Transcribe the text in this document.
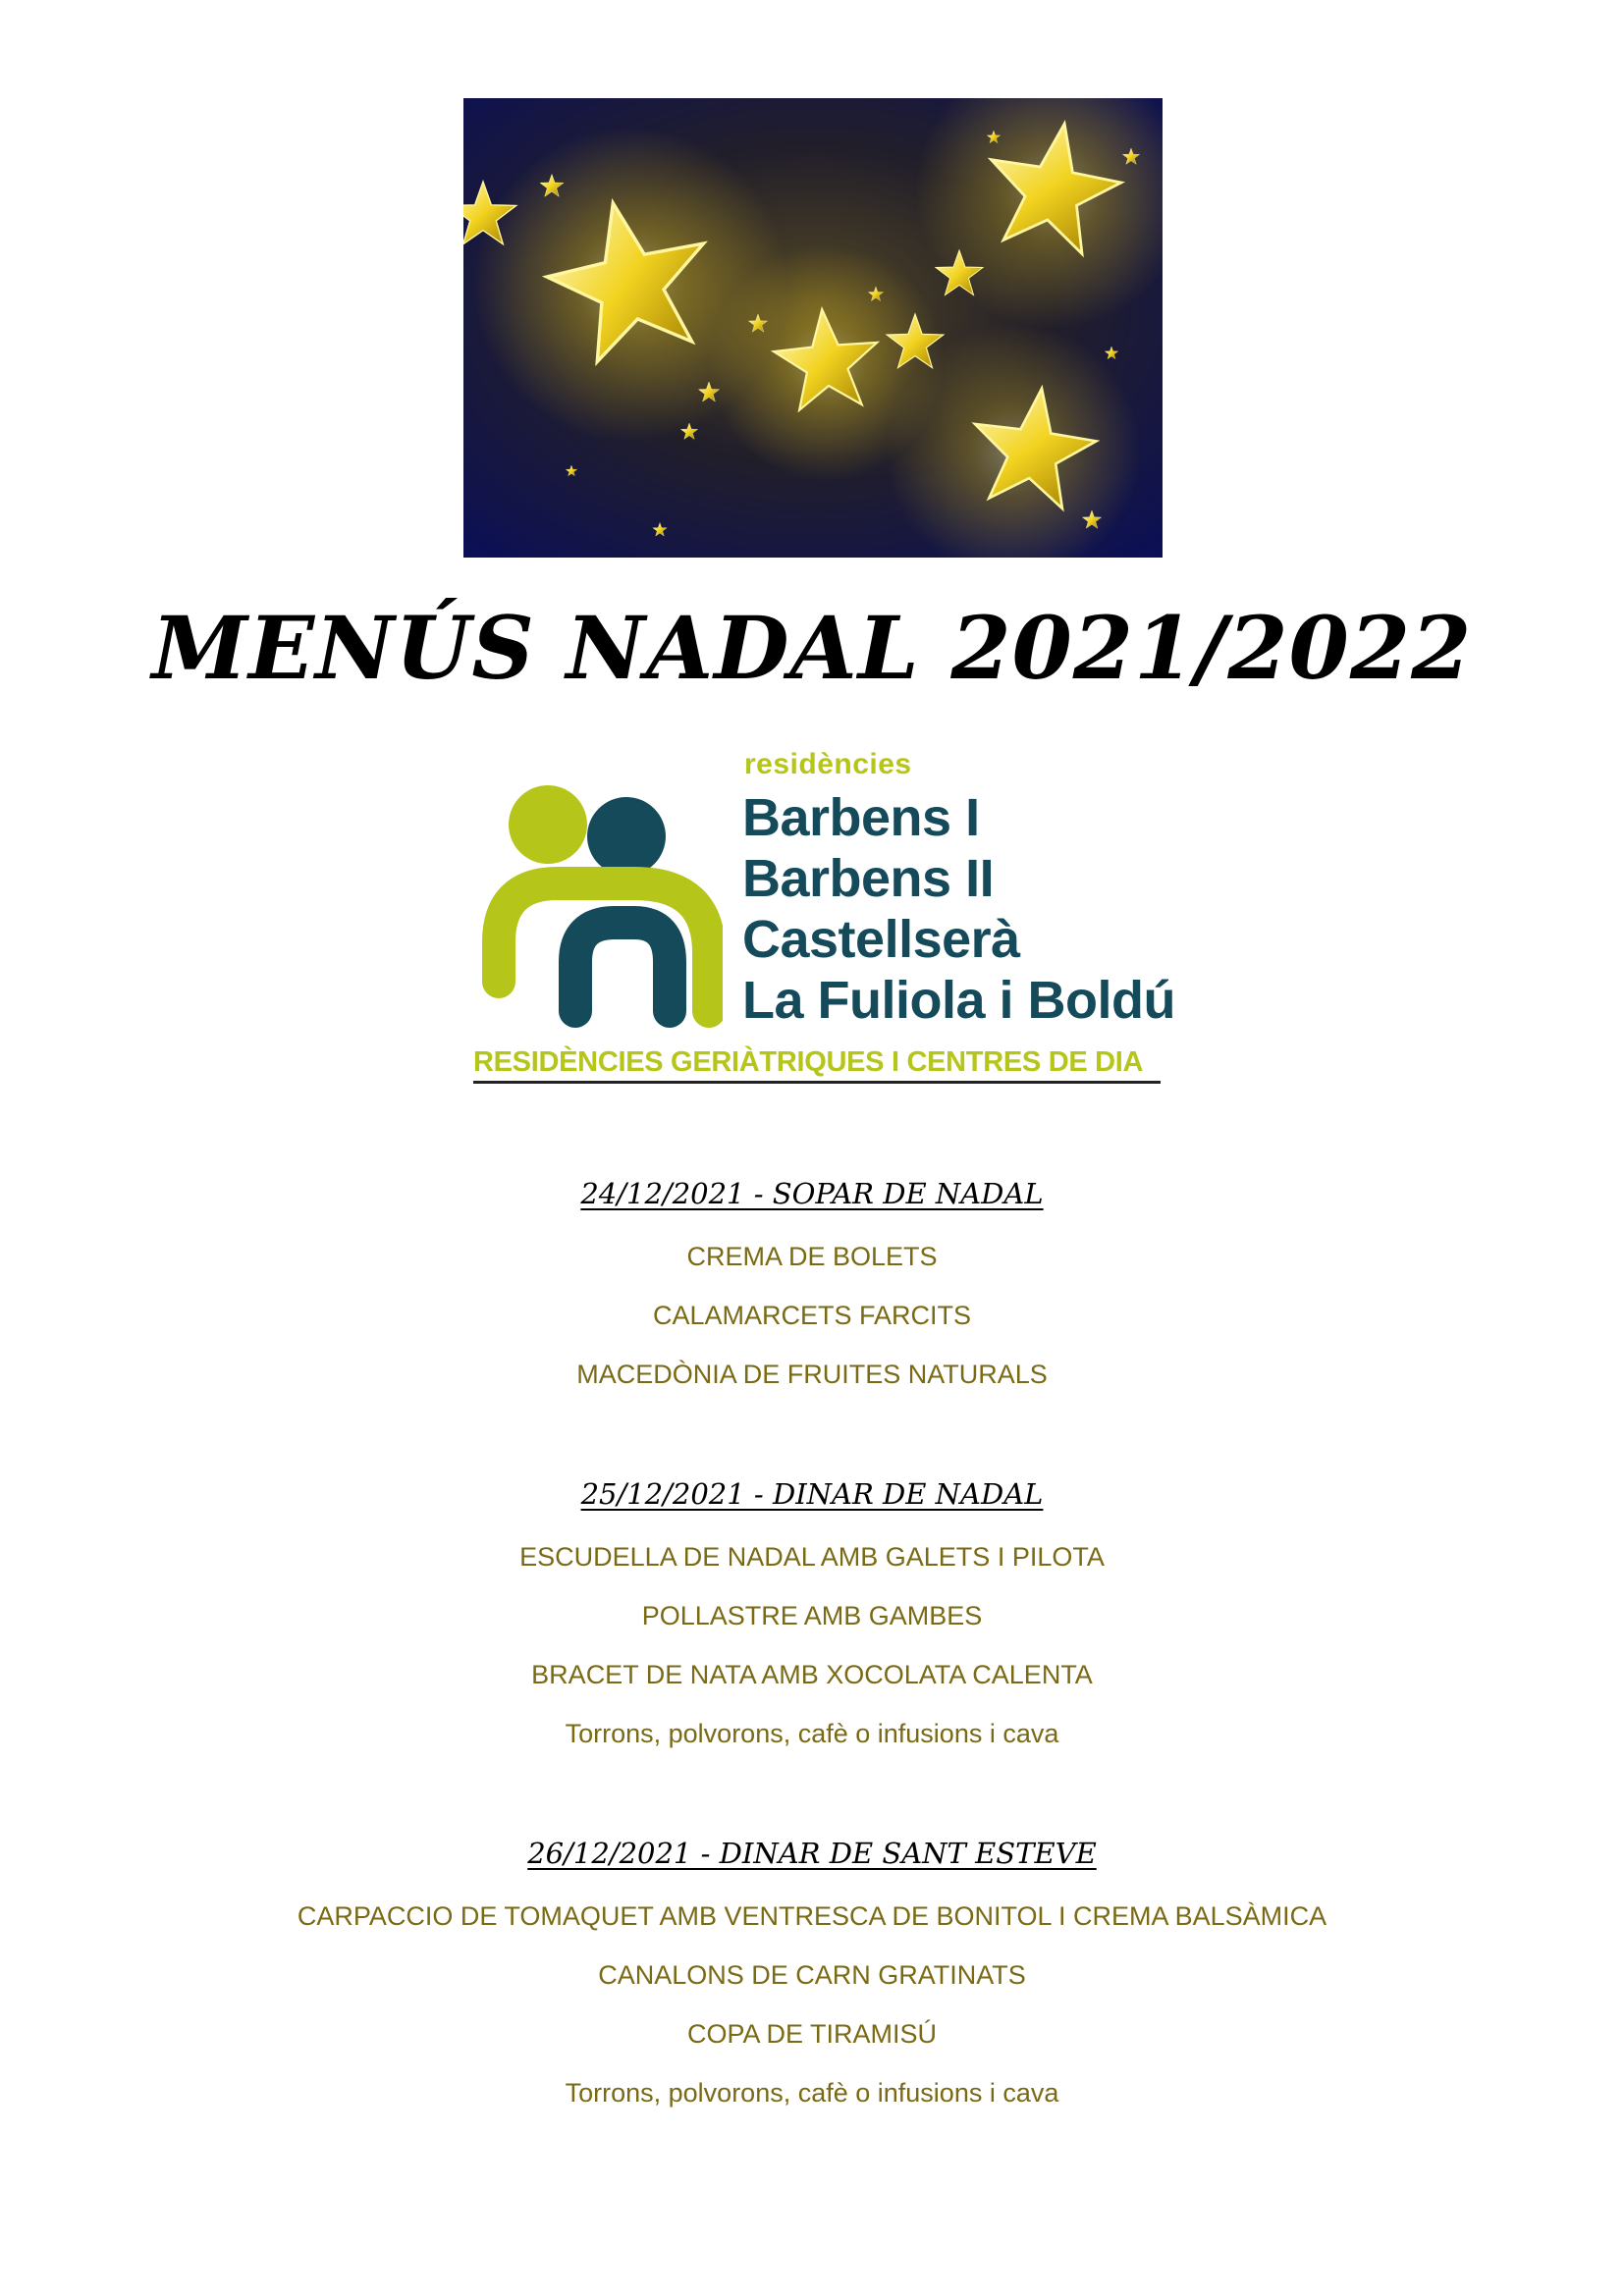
MENÚS NADAL 2021/2022
residències
Barbens I
Barbens II
Castellserà
La Fuliola i Boldú
RESIDÈNCIES GERIÀTRIQUES I CENTRES DE DIA
24/12/2021 - SOPAR DE NADAL
CREMA DE BOLETS
CALAMARCETS FARCITS
MACEDÒNIA DE FRUITES NATURALS
25/12/2021 - DINAR DE NADAL
ESCUDELLA DE NADAL AMB GALETS I PILOTA
POLLASTRE AMB GAMBES
BRACET DE NATA AMB XOCOLATA CALENTA
Torrons, polvorons, cafè o infusions i cava
26/12/2021 - DINAR DE SANT ESTEVE
CARPACCIO DE TOMAQUET AMB VENTRESCA DE BONITOL I CREMA BALSÀMICA
CANALONS DE CARN GRATINATS
COPA DE TIRAMISÚ
Torrons, polvorons, cafè o infusions i cava
